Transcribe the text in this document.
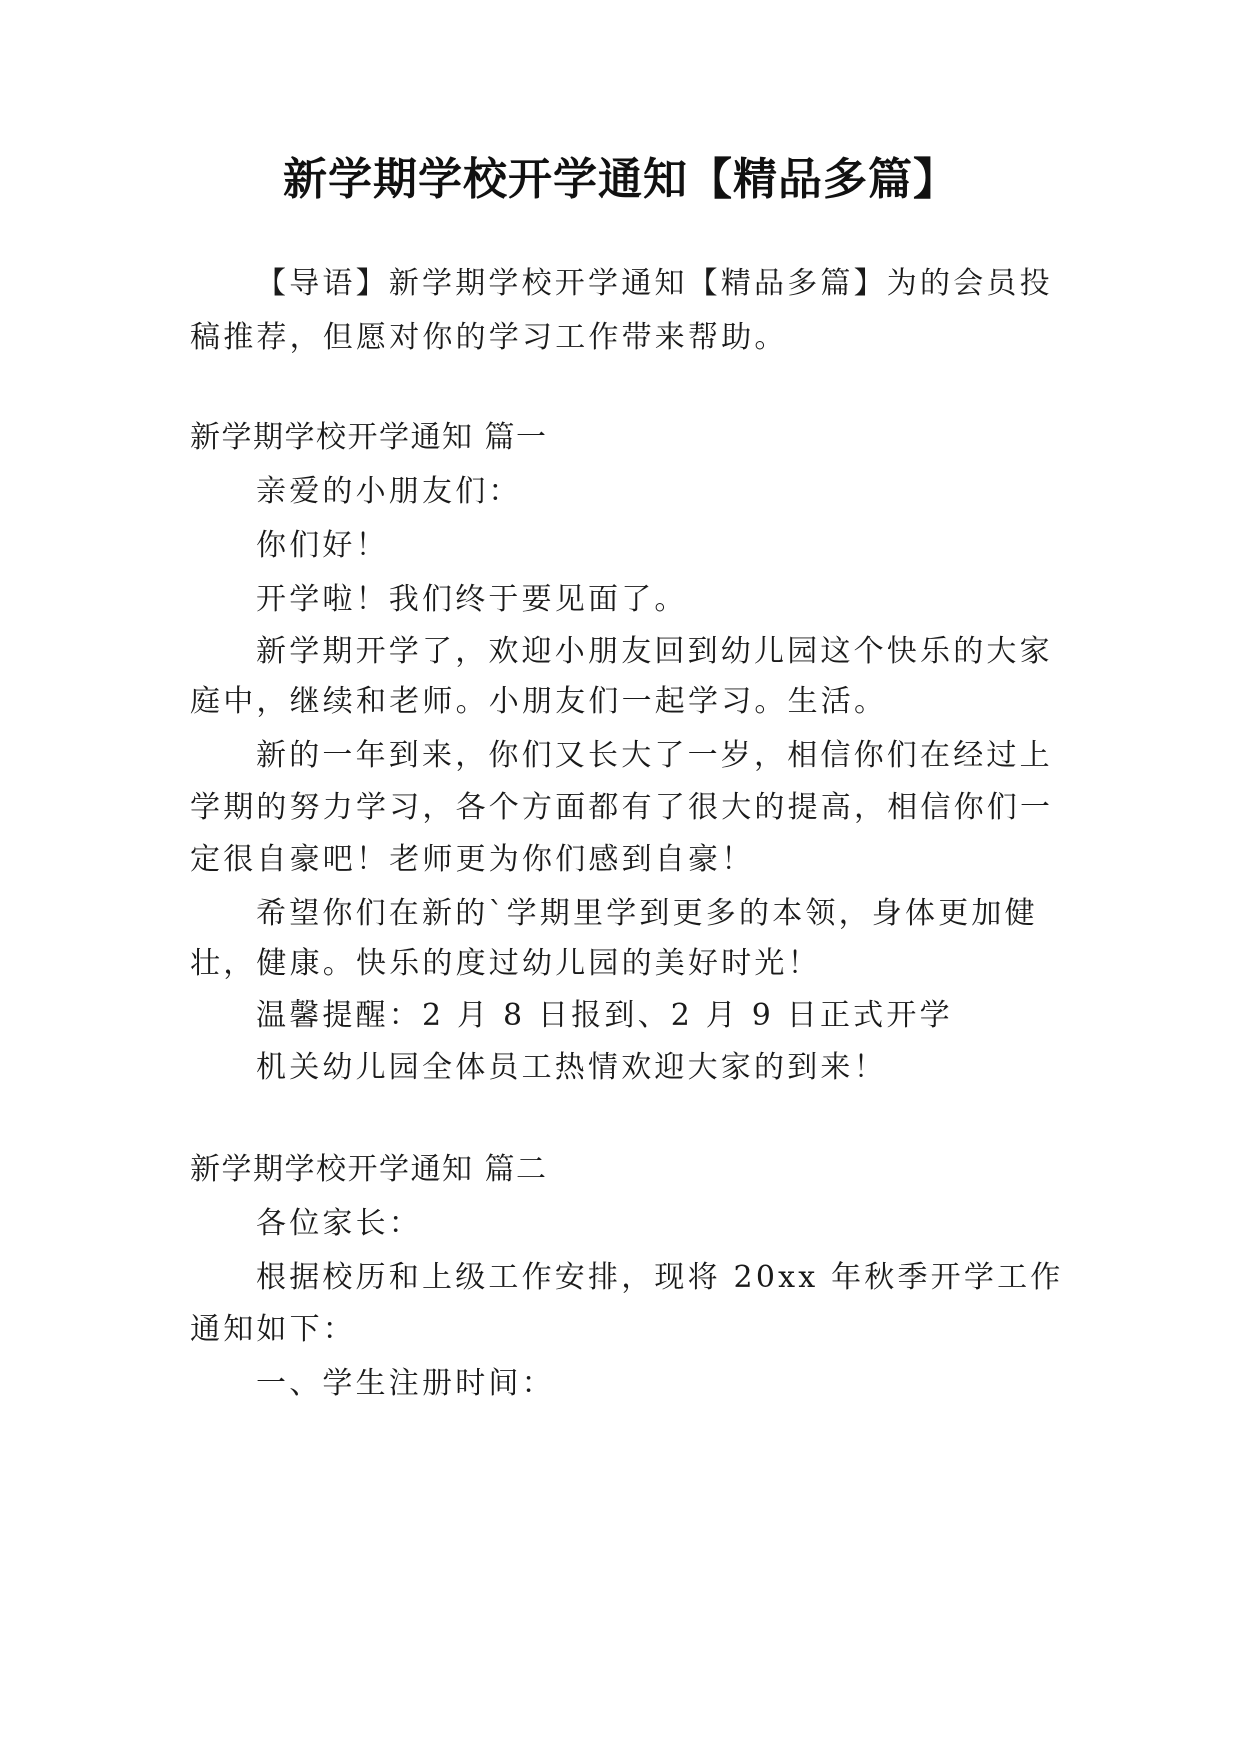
新学期学校开学通知【精品多篇】

【导语】新学期学校开学通知【精品多篇】为的会员投

稿推荐，但愿对你的学习工作带来帮助。

新学期学校开学通知 篇一

亲爱的小朋友们：

你们好！

开学啦！我们终于要见面了。

新学期开学了，欢迎小朋友回到幼儿园这个快乐的大家

庭中，继续和老师。小朋友们一起学习。生活。

新的一年到来，你们又长大了一岁，相信你们在经过上

学期的努力学习，各个方面都有了很大的提高，相信你们一

定很自豪吧！老师更为你们感到自豪！

希望你们在新的`学期里学到更多的本领，身体更加健

壮，健康。快乐的度过幼儿园的美好时光！

温馨提醒：2 月 8 日报到、2 月 9 日正式开学

机关幼儿园全体员工热情欢迎大家的到来！

新学期学校开学通知 篇二

各位家长：

根据校历和上级工作安排，现将 20xx 年秋季开学工作

通知如下：

一、学生注册时间：
